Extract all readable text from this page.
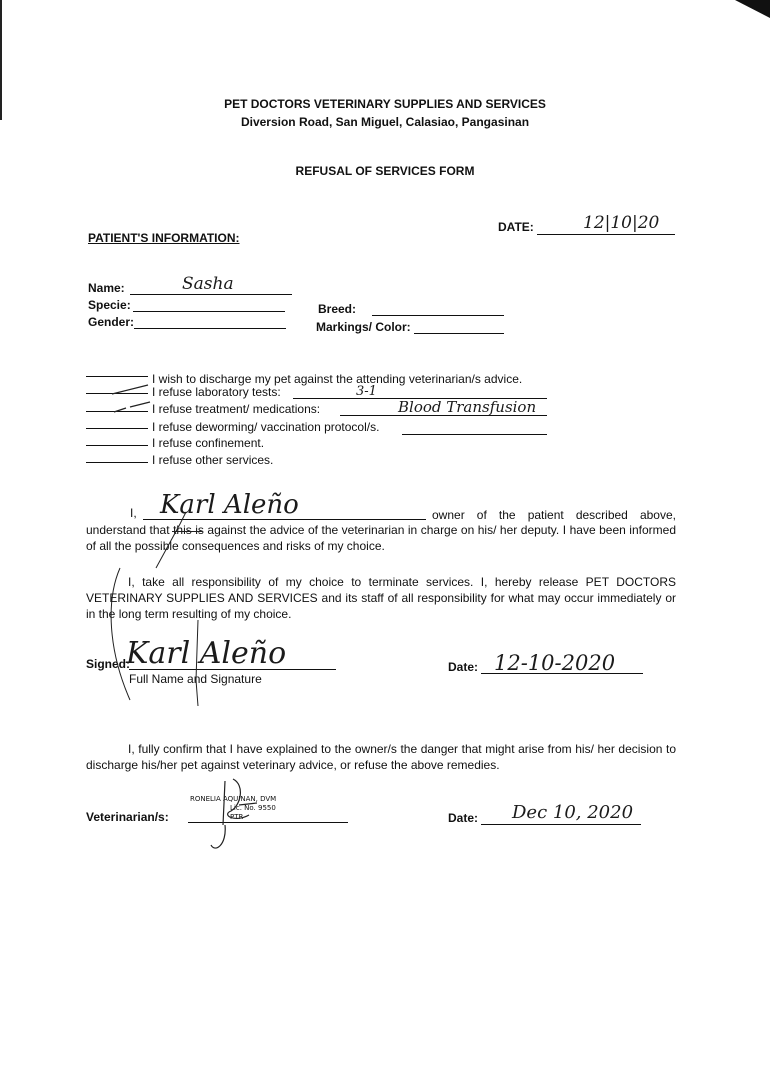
PET DOCTORS VETERINARY SUPPLIES AND SERVICES
Diversion Road, San Miguel, Calasiao, Pangasinan
REFUSAL OF SERVICES FORM
DATE:	12|10|20
PATIENT'S INFORMATION:
Name:	Sasha
Specie:
Gender:
Breed:
Markings/ Color:
I wish to discharge my pet against the attending veterinarian/s advice.
I refuse laboratory tests:	3-1
I refuse treatment/ medications:	Blood Transfusion
I refuse deworming/ vaccination protocol/s.
I refuse confinement.
I refuse other services.
I, Karl Aleño	owner of the patient described above,
understand that this is against the advice of the veterinarian in charge on his/ her deputy. I have been informed of all the possible consequences and risks of my choice.
I, take all responsibility of my choice to terminate services. I, hereby release PET DOCTORS VETERINARY SUPPLIES AND SERVICES and its staff of all responsibility for what may occur immediately or in the long term resulting of my choice.
Signed:
Karl Aleño
Full Name and Signature
Date: 12-10-2020
I, fully confirm that I have explained to the owner/s the danger that might arise from his/ her decision to discharge his/her pet against veterinary advice, or refuse the above remedies.
Veterinarian/s:
RONELIA AQUINAN, DVM
Lic. No. 9550
PTR	Date: Dec 10, 2020
